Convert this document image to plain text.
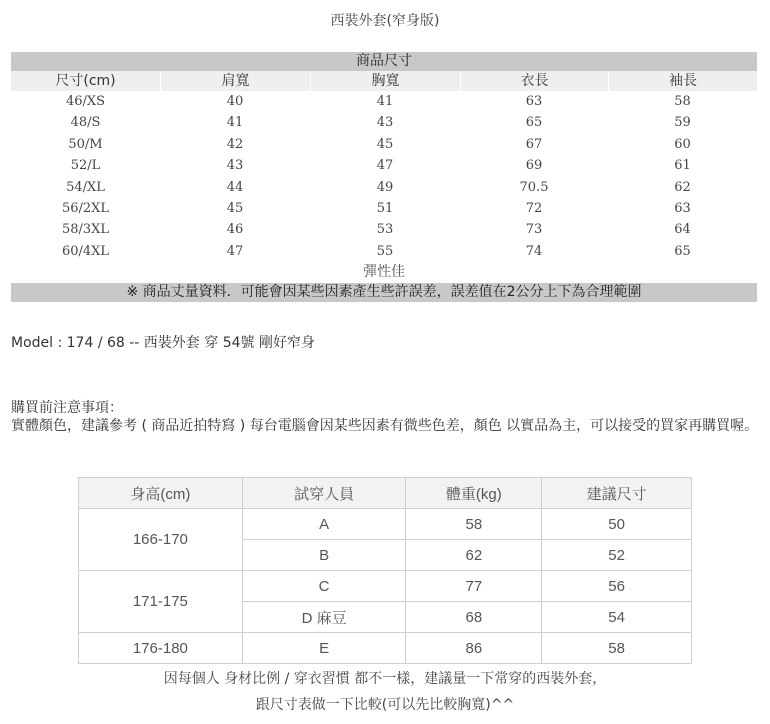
西裝外套(窄身版)
商品尺寸
尺寸(cm)	肩寬	胸寬	衣長	袖長
46/XS	40	41	63	58
48/S	41	43	65	59
50/M	42	45	67	60
52/L	43	47	69	61
54/XL	44	49	70.5	62
56/2XL	45	51	72	63
58/3XL	46	53	73	64
60/4XL	47	55	74	65
彈性佳
※ 商品丈量資料．可能會因某些因素產生些許誤差，誤差值在2公分上下為合理範圍
Model : 174 / 68 -- 西裝外套 穿 54號 剛好窄身
購買前注意事項：
實體顏色，建議參考 ( 商品近拍特寫 ) 每台電腦會因某些因素有微些色差，顏色 以實品為主，可以接受的買家再購買喔。
身高(cm)	試穿人員	體重(kg)	建議尺寸
166-170	A	58	50
	B	62	52
171-175	C	77	56
	D 麻豆	68	54
176-180	E	86	58
因每個人 身材比例 / 穿衣習慣 都不一樣，建議量一下常穿的西裝外套，
跟尺寸表做一下比較(可以先比較胸寬)^^
